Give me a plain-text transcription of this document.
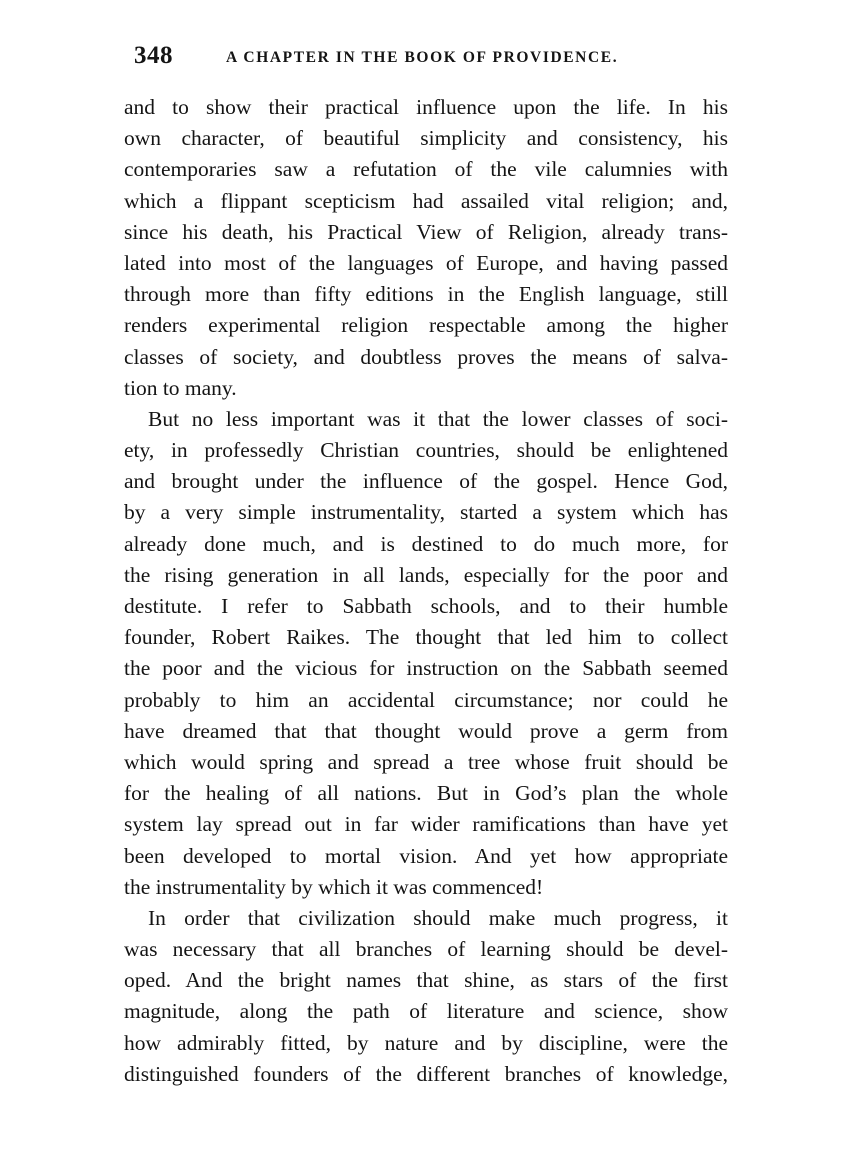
348	A CHAPTER IN THE BOOK OF PROVIDENCE.
and to show their practical influence upon the life. In his
own character, of beautiful simplicity and consistency, his
contemporaries saw a refutation of the vile calumnies with
which a flippant scepticism had assailed vital religion; and,
since his death, his Practical View of Religion, already trans-
lated into most of the languages of Europe, and having passed
through more than fifty editions in the English language, still
renders experimental religion respectable among the higher
classes of society, and doubtless proves the means of salva-
tion to many.
But no less important was it that the lower classes of soci-
ety, in professedly Christian countries, should be enlightened
and brought under the influence of the gospel. Hence God,
by a very simple instrumentality, started a system which has
already done much, and is destined to do much more, for
the rising generation in all lands, especially for the poor and
destitute. I refer to Sabbath schools, and to their humble
founder, Robert Raikes. The thought that led him to collect
the poor and the vicious for instruction on the Sabbath seemed
probably to him an accidental circumstance; nor could he
have dreamed that that thought would prove a germ from
which would spring and spread a tree whose fruit should be
for the healing of all nations. But in God’s plan the whole
system lay spread out in far wider ramifications than have yet
been developed to mortal vision. And yet how appropriate
the instrumentality by which it was commenced!
In order that civilization should make much progress, it
was necessary that all branches of learning should be devel-
oped. And the bright names that shine, as stars of the first
magnitude, along the path of literature and science, show
how admirably fitted, by nature and by discipline, were the
distinguished founders of the different branches of knowledge,
